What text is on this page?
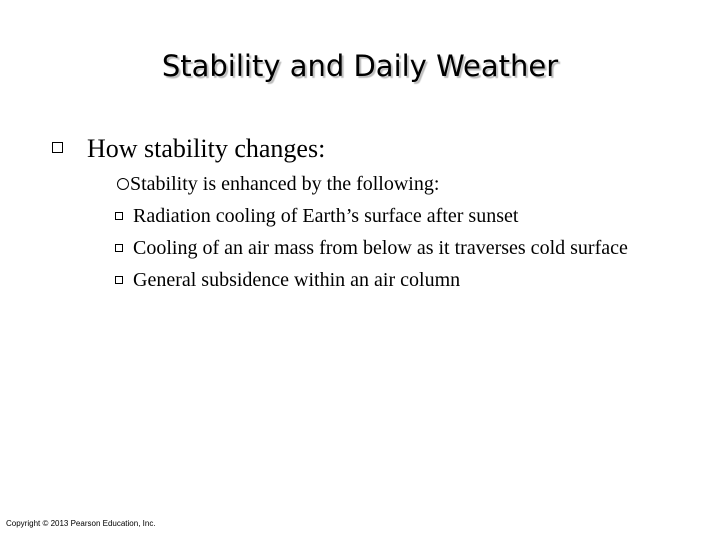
Stability and Daily Weather
How stability changes:
Stability is enhanced by the following:
Radiation cooling of Earth’s surface after sunset
Cooling of an air mass from below as it traverses cold surface
General subsidence within an air column
Copyright © 2013 Pearson Education, Inc.
